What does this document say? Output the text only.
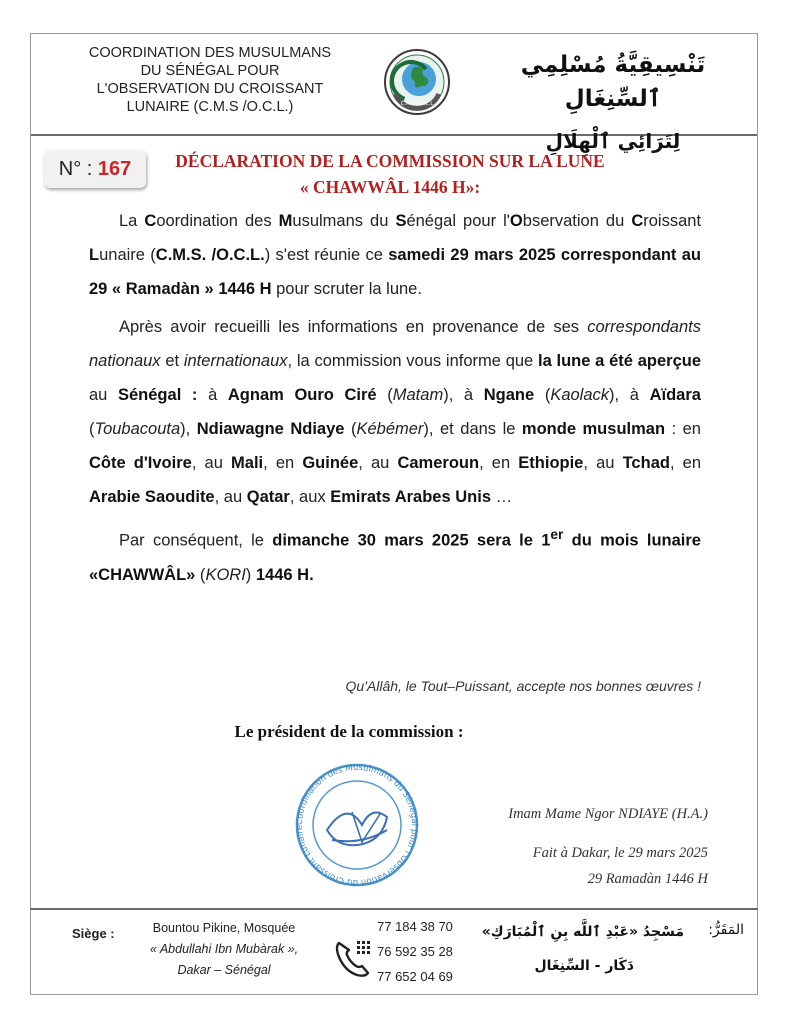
COORDINATION DES MUSULMANS
DU SÉNÉGAL POUR
L'OBSERVATION DU CROISSANT
LUNAIRE (C.M.S /O.C.L.)	C.M.S / O.C.L
تَنْسِيقِيَّةُ مُسْلِمِي ٱلسِّنِغَالِ
لِتَرَائِي ٱلْهِلَالِ
N° : 167	DÉCLARATION DE LA COMMISSION SUR LA LUNE
« CHAWWÂL 1446 H»:

La Coordination des Musulmans du Sénégal pour l'Observation du Croissant Lunaire (C.M.S. /O.C.L.) s'est réunie ce samedi 29 mars 2025 correspondant au 29 « Ramadàn » 1446 H pour scruter la lune.

Après avoir recueilli les informations en provenance de ses correspondants nationaux et internationaux, la commission vous informe que la lune a été aperçue au Sénégal : à Agnam Ouro Ciré (Matam), à Ngane (Kaolack), à Aïdara (Toubacouta), Ndiawagne Ndiaye (Kébémer), et dans le monde musulman : en Côte d'Ivoire, au Mali, en Guinée, au Cameroun, en Ethiopie, au Tchad, en Arabie Saoudite, au Qatar, aux Emirats Arabes Unis …

Par conséquent, le dimanche 30 mars 2025 sera le 1er du mois lunaire «CHAWWÂL» (KORI) 1446 H.

Qu'Allâh, le Tout–Puissant, accepte nos bonnes œuvres !
Le président de la commission :
Coordination des Musulmans du Sénégal pour l'Observation du Croissant Lunaire
Imam Mame Ngor NDIAYE (H.A.)
Fait à Dakar, le 29 mars 2025
29 Ramadàn 1446 H
Siège :	Bountou Pikine, Mosquée
« Abdullahi Ibn Mubàrak »,
Dakar – Sénégal
77 184 38 70
76 592 35 28
77 652 04 69
المَقَرُّ:
مَسْجِدُ «عَبْدِ ٱللَّه بِنِ ٱلْمُبَارَكِ»
دَكَار - السِّنِغَال
